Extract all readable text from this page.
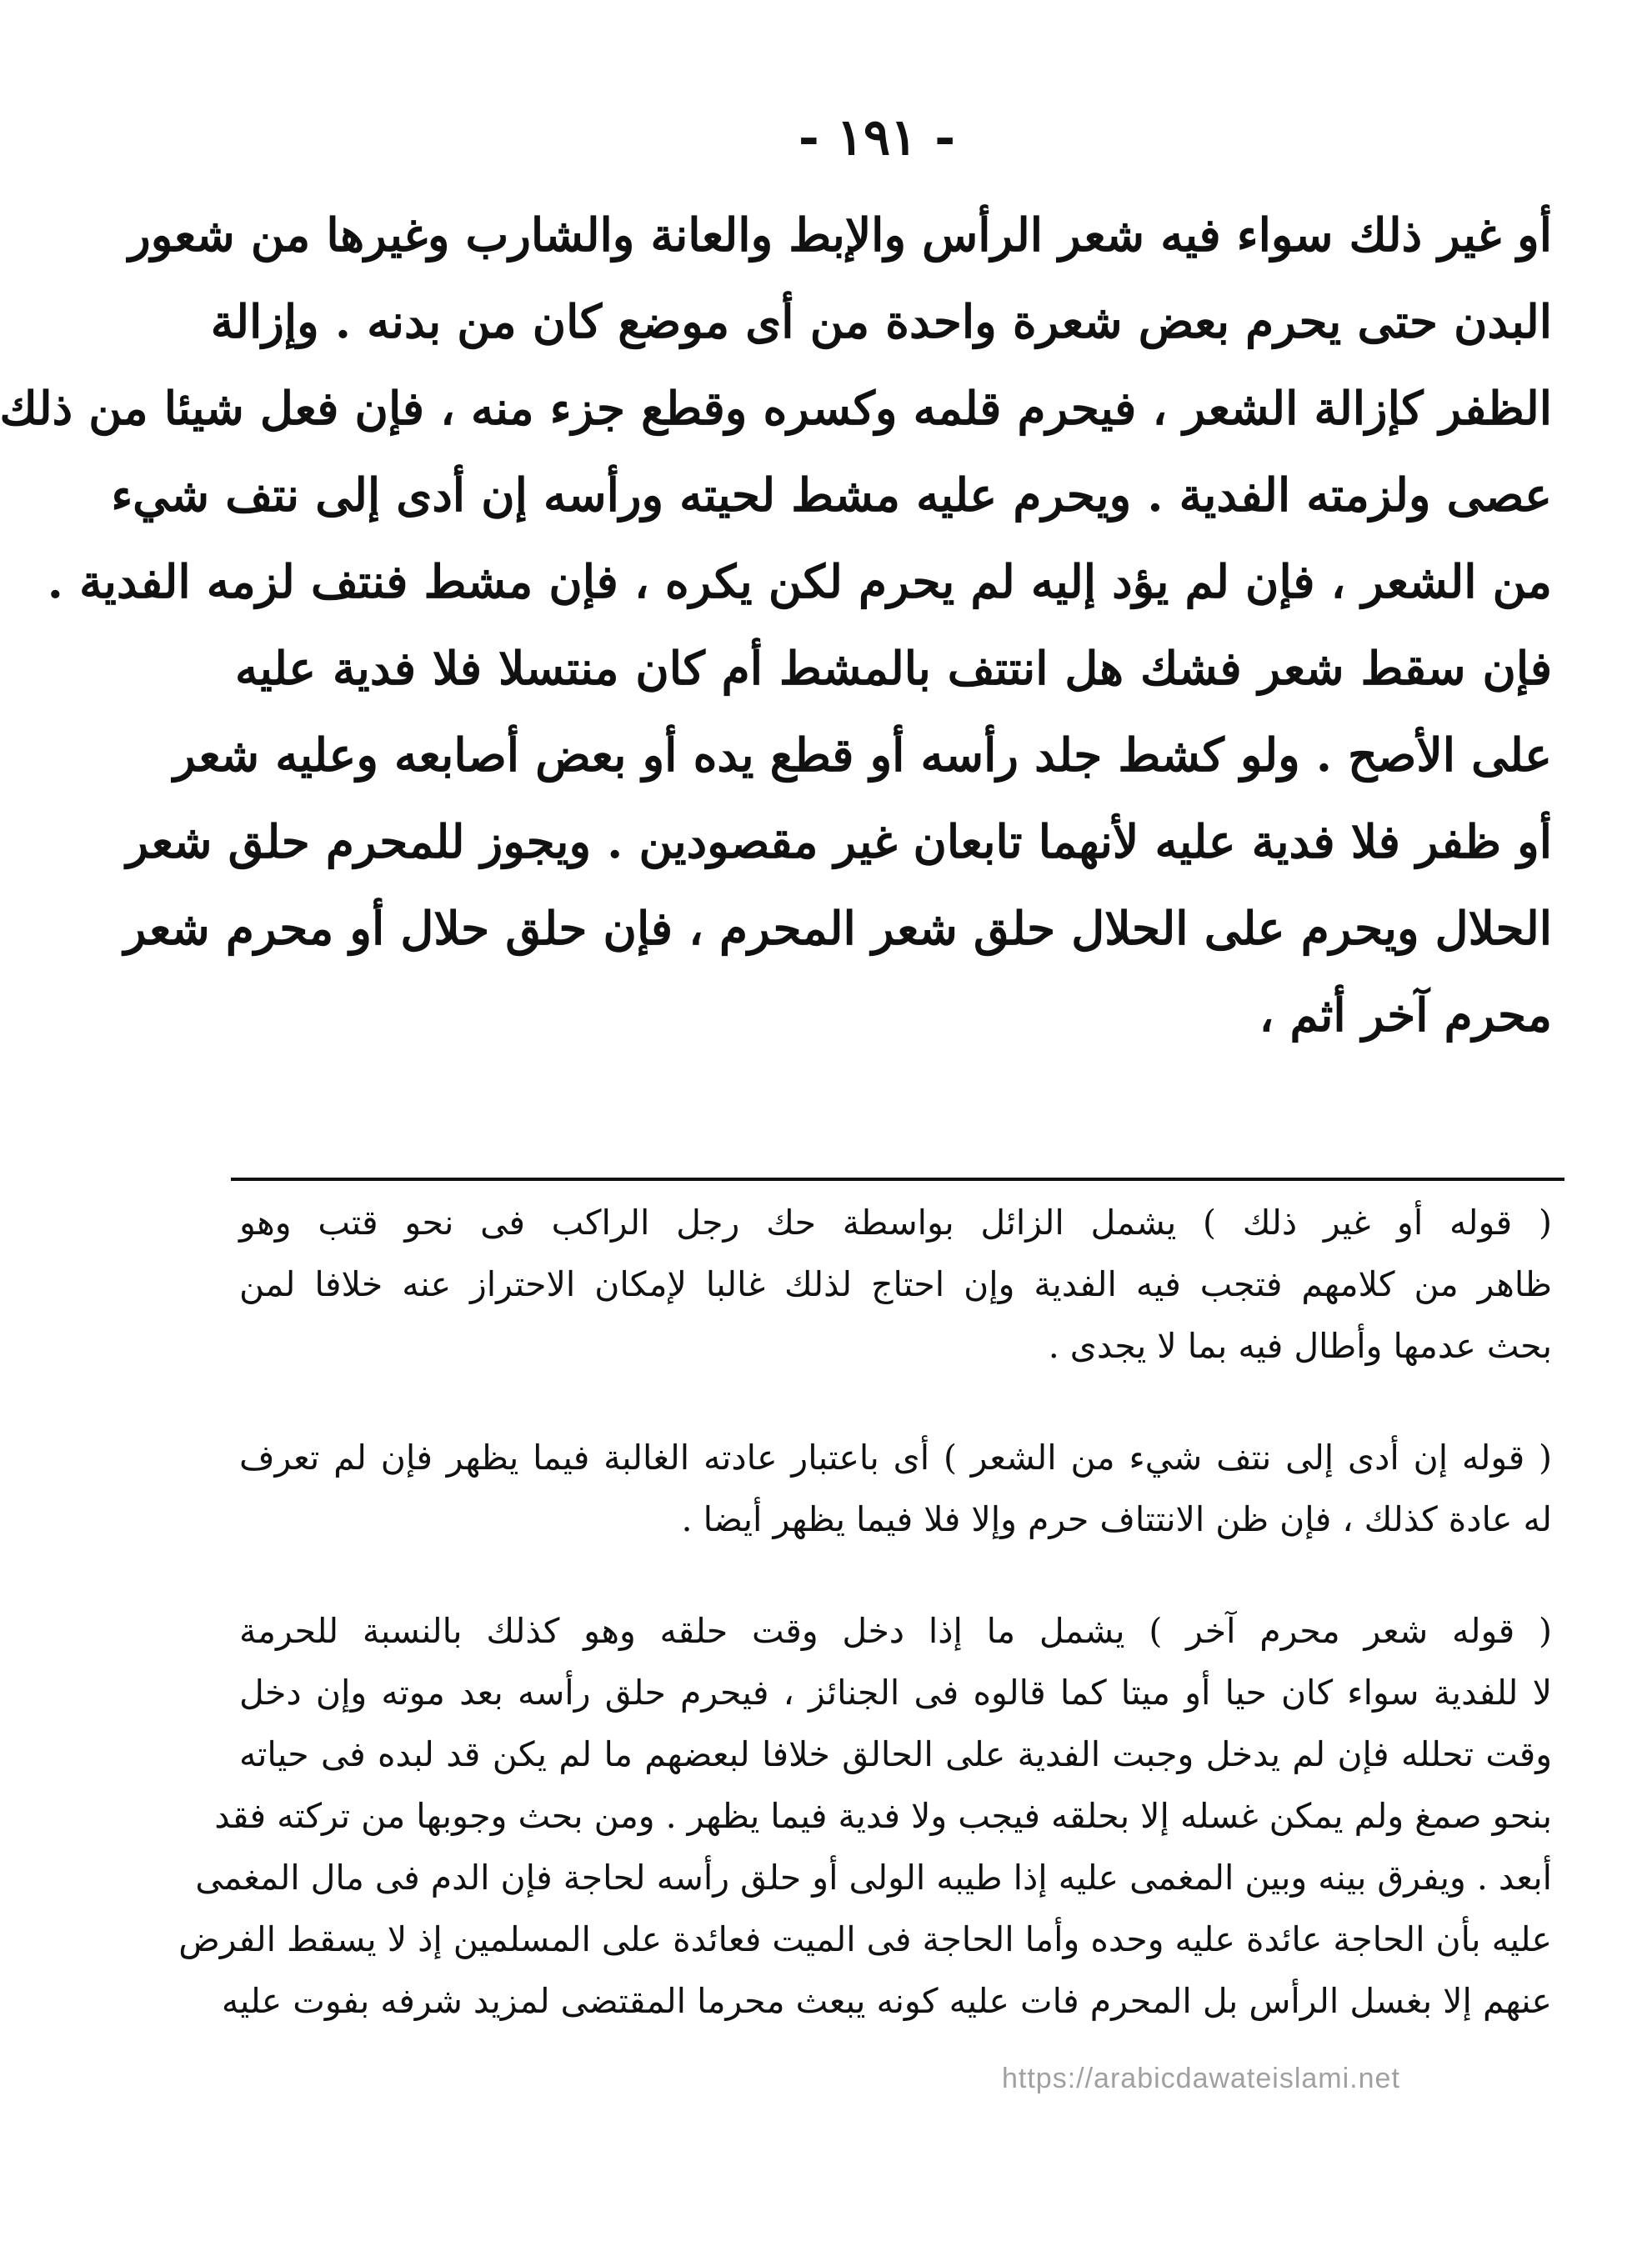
- ١٩١ -
أو غير ذلك سواء فيه شعر الرأس والإبط والعانة والشارب وغيرها من شعور
البدن حتى يحرم بعض شعرة واحدة من أى موضع كان من بدنه . وإزالة
الظفر كإزالة الشعر ، فيحرم قلمه وكسره وقطع جزء منه ، فإن فعل شيئا من ذلك
عصى ولزمته الفدية . ويحرم عليه مشط لحيته ورأسه إن أدى إلى نتف شيء
من الشعر ، فإن لم يؤد إليه لم يحرم لكن يكره ، فإن مشط فنتف لزمه الفدية .
فإن سقط شعر فشك هل انتتف بالمشط أم كان منتسلا فلا فدية عليه
على الأصح . ولو كشط جلد رأسه أو قطع يده أو بعض أصابعه وعليه شعر
أو ظفر فلا فدية عليه لأنهما تابعان غير مقصودين . ويجوز للمحرم حلق شعر
الحلال ويحرم على الحلال حلق شعر المحرم ، فإن حلق حلال أو محرم شعر
محرم آخر أثم ،
( قوله أو غير ذلك ) يشمل الزائل بواسطة حك رجل الراكب فى نحو قتب وهو
ظاهر من كلامهم فتجب فيه الفدية وإن احتاج لذلك غالبا لإمكان الاحتراز عنه خلافا لمن
بحث عدمها وأطال فيه بما لا يجدى .
( قوله إن أدى إلى نتف شيء من الشعر ) أى باعتبار عادته الغالبة فيما يظهر فإن لم تعرف
له عادة كذلك ، فإن ظن الانتتاف حرم وإلا فلا فيما يظهر أيضا .
( قوله شعر محرم آخر ) يشمل ما إذا دخل وقت حلقه وهو كذلك بالنسبة للحرمة
لا للفدية سواء كان حيا أو ميتا كما قالوه فى الجنائز ، فيحرم حلق رأسه بعد موته وإن دخل
وقت تحلله فإن لم يدخل وجبت الفدية على الحالق خلافا لبعضهم ما لم يكن قد لبده فى حياته
بنحو صمغ ولم يمكن غسله إلا بحلقه فيجب ولا فدية فيما يظهر . ومن بحث وجوبها من تركته فقد
أبعد . ويفرق بينه وبين المغمى عليه إذا طيبه الولى أو حلق رأسه لحاجة فإن الدم فى مال المغمى
عليه بأن الحاجة عائدة عليه وحده وأما الحاجة فى الميت فعائدة على المسلمين إذ لا يسقط الفرض
عنهم إلا بغسل الرأس بل المحرم فات عليه كونه يبعث محرما المقتضى لمزيد شرفه بفوت عليه
https://arabicdawateislami.net
